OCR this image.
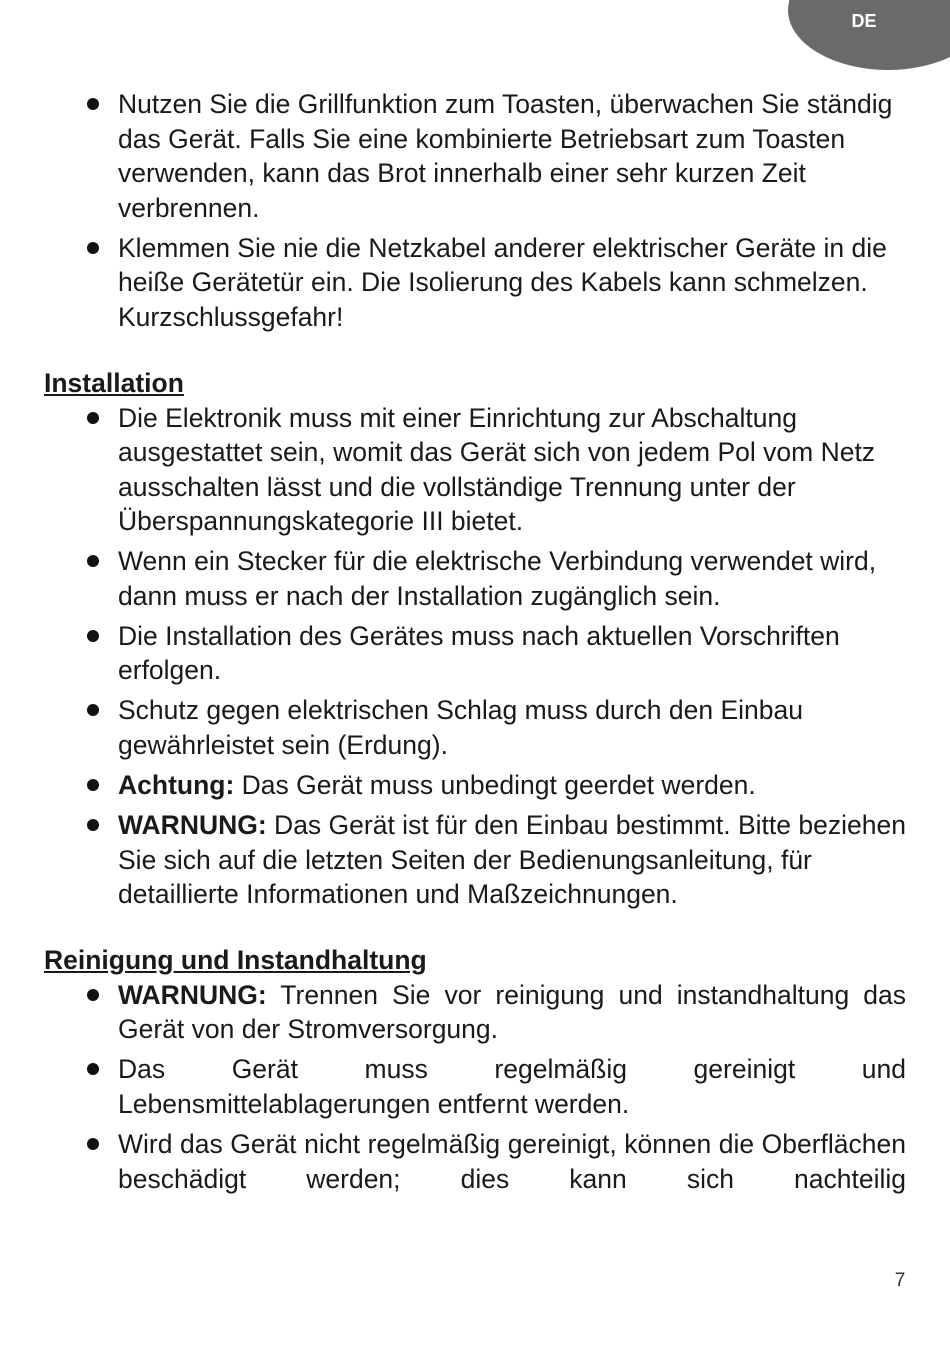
DE
Nutzen Sie die Grillfunktion zum Toasten, überwachen Sie ständig das Gerät. Falls Sie eine kombinierte Betriebsart zum Toasten verwenden, kann das Brot innerhalb einer sehr kurzen Zeit verbrennen.
Klemmen Sie nie die Netzkabel anderer elektrischer Geräte in die heiße Gerätetür ein. Die Isolierung des Kabels kann schmelzen. Kurzschlussgefahr!
Installation
Die Elektronik muss mit einer Einrichtung zur Abschaltung ausgestattet sein, womit das Gerät sich von jedem Pol vom Netz ausschalten lässt und die vollständige Trennung unter der Überspannungskategorie III bietet.
Wenn ein Stecker für die elektrische Verbindung verwendet wird, dann muss er nach der Installation zugänglich sein.
Die Installation des Gerätes muss nach aktuellen Vorschriften erfolgen.
Schutz gegen elektrischen Schlag muss durch den Einbau gewährleistet sein (Erdung).
Achtung: Das Gerät muss unbedingt geerdet werden.
WARNUNG: Das Gerät ist für den Einbau bestimmt. Bitte beziehen Sie sich auf die letzten Seiten der Bedienungsanleitung, für detaillierte Informationen und Maßzeichnungen.
Reinigung und Instandhaltung
WARNUNG: Trennen Sie vor reinigung und instandhaltung das Gerät von der Stromversorgung.
Das Gerät muss regelmäßig gereinigt und Lebensmittelablagerungen entfernt werden.
Wird das Gerät nicht regelmäßig gereinigt, können die Oberflächen beschädigt werden; dies kann sich nachteilig
7
